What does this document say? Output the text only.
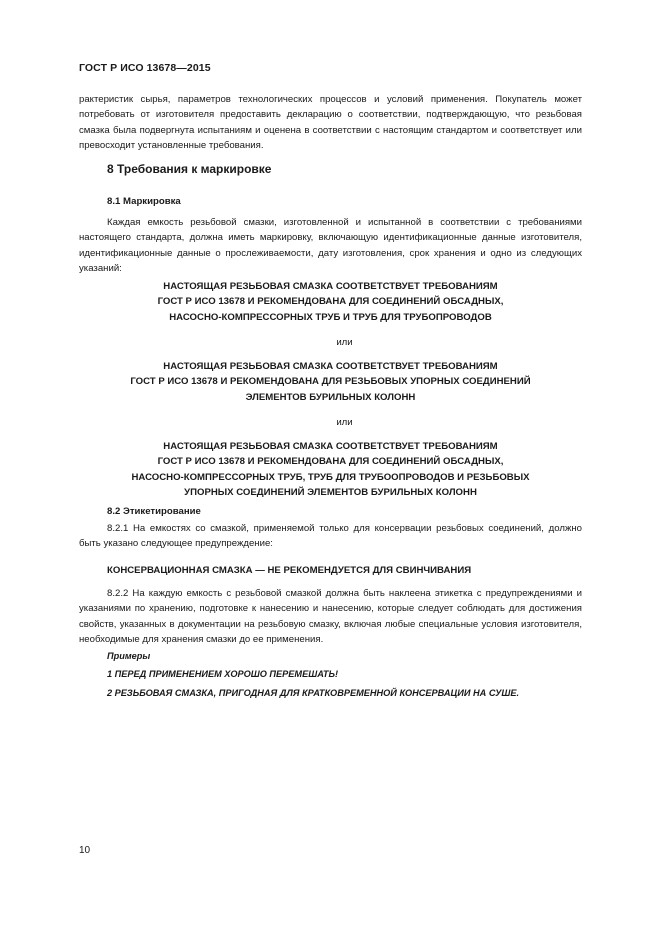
ГОСТ Р ИСО 13678—2015
рактеристик сырья, параметров технологических процессов и условий применения. Покупатель может потребовать от изготовителя предоставить декларацию о соответствии, подтверждающую, что резьбовая смазка была подвергнута испытаниям и оценена в соответствии с настоящим стандартом и соответствует или превосходит установленные требования.
8 Требования к маркировке
8.1 Маркировка
Каждая емкость резьбовой смазки, изготовленной и испытанной в соответствии с требованиями настоящего стандарта, должна иметь маркировку, включающую идентификационные данные изготовителя, идентификационные данные о прослеживаемости, дату изготовления, срок хранения и одно из следующих указаний:
НАСТОЯЩАЯ РЕЗЬБОВАЯ СМАЗКА СООТВЕТСТВУЕТ ТРЕБОВАНИЯМ
ГОСТ Р ИСО 13678 И РЕКОМЕНДОВАНА ДЛЯ СОЕДИНЕНИЙ ОБСАДНЫХ,
НАСОСНО-КОМПРЕССОРНЫХ ТРУБ И ТРУБ ДЛЯ ТРУБОПРОВОДОВ
или
НАСТОЯЩАЯ РЕЗЬБОВАЯ СМАЗКА СООТВЕТСТВУЕТ ТРЕБОВАНИЯМ
ГОСТ Р ИСО 13678 И РЕКОМЕНДОВАНА ДЛЯ РЕЗЬБОВЫХ УПОРНЫХ СОЕДИНЕНИЙ
ЭЛЕМЕНТОВ БУРИЛЬНЫХ КОЛОНН
или
НАСТОЯЩАЯ РЕЗЬБОВАЯ СМАЗКА СООТВЕТСТВУЕТ ТРЕБОВАНИЯМ
ГОСТ Р ИСО 13678 И РЕКОМЕНДОВАНА ДЛЯ СОЕДИНЕНИЙ ОБСАДНЫХ,
НАСОСНО-КОМПРЕССОРНЫХ ТРУБ, ТРУБ ДЛЯ ТРУБООПРОВОДОВ И РЕЗЬБОВЫХ
УПОРНЫХ СОЕДИНЕНИЙ ЭЛЕМЕНТОВ БУРИЛЬНЫХ КОЛОНН
8.2 Этикетирование
8.2.1 На емкостях со смазкой, применяемой только для консервации резьбовых соединений, должно быть указано следующее предупреждение:
КОНСЕРВАЦИОННАЯ СМАЗКА — НЕ РЕКОМЕНДУЕТСЯ ДЛЯ СВИНЧИВАНИЯ
8.2.2 На каждую емкость с резьбовой смазкой должна быть наклеена этикетка с предупреждениями и указаниями по хранению, подготовке к нанесению и нанесению, которые следует соблюдать для достижения свойств, указанных в документации на резьбовую смазку, включая любые специальные условия изготовителя, необходимые для хранения смазки до ее применения.
Примеры
1 ПЕРЕД ПРИМЕНЕНИЕМ ХОРОШО ПЕРЕМЕШАТЬ!
2 РЕЗЬБОВАЯ СМАЗКА, ПРИГОДНАЯ ДЛЯ КРАТКОВРЕМЕННОЙ КОНСЕРВАЦИИ НА СУШЕ.
10
